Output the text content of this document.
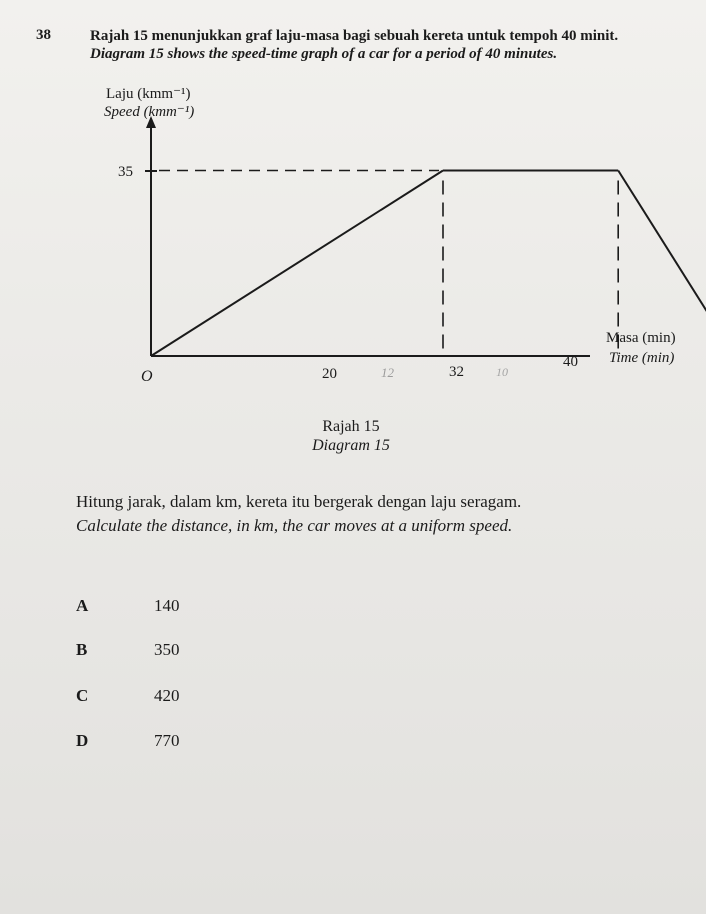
38	Rajah 15 menunjukkan graf laju-masa bagi sebuah kereta untuk tempoh 40 minit.
Diagram 15 shows the speed-time graph of a car for a period of 40 minutes.
Laju (kmm⁻¹)
Speed (kmm⁻¹)
Masa (min)
Time (min)
O
35
20	32
40
12	10
Rajah 15
Diagram 15
Hitung jarak, dalam km, kereta itu bergerak dengan laju seragam.
Calculate the distance, in km, the car moves at a uniform speed.
A	140
B	350
C	420
D	770
